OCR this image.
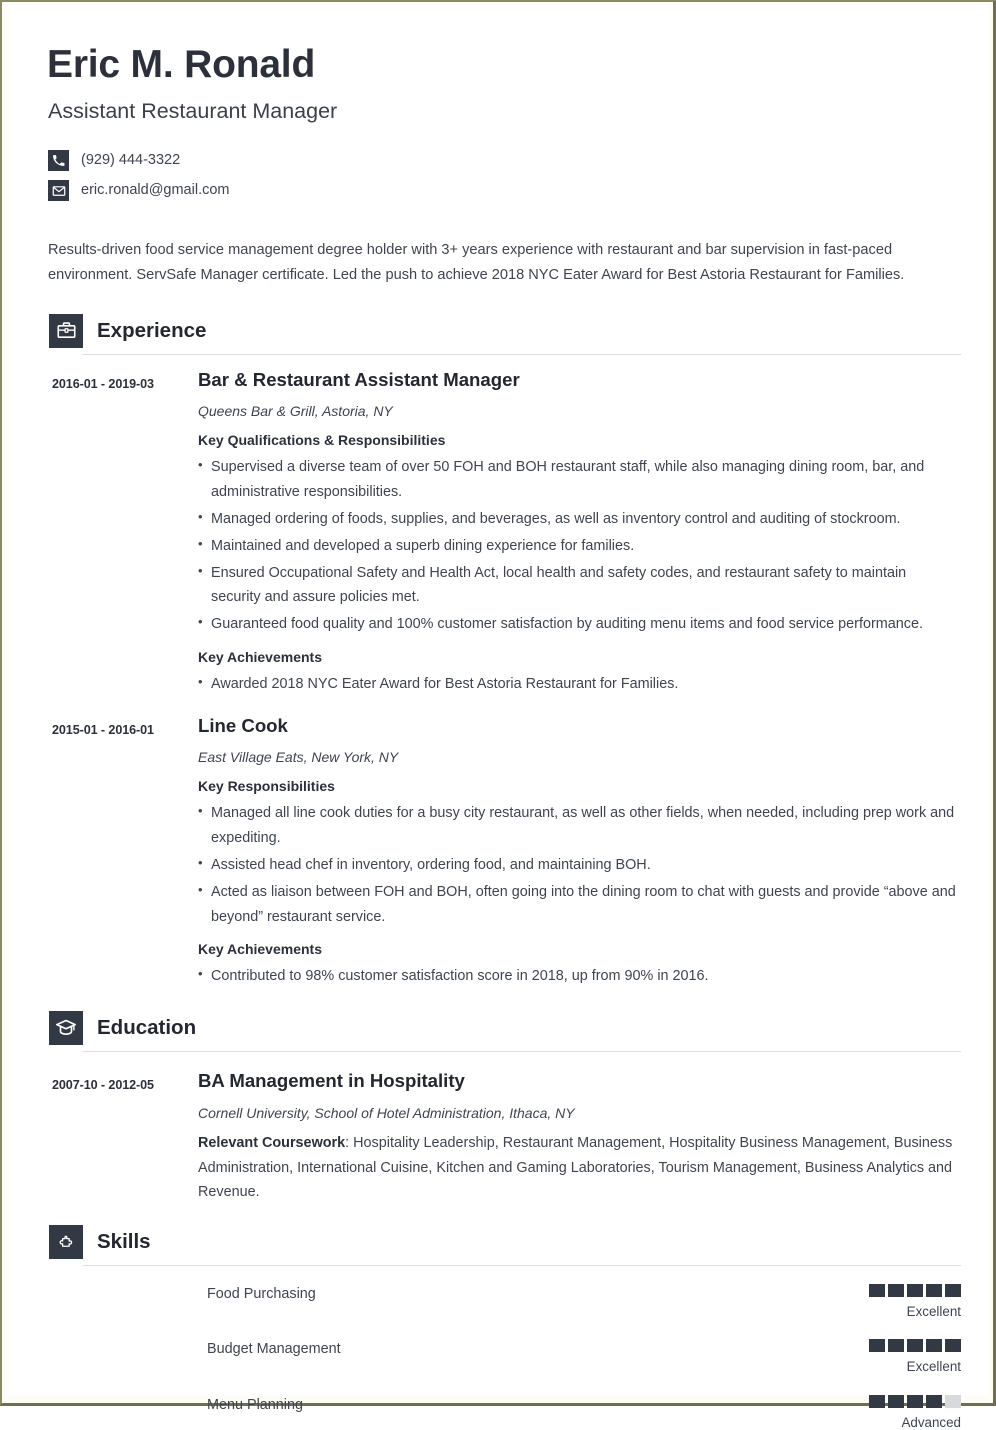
Eric M. Ronald
Assistant Restaurant Manager
(929) 444-3322
eric.ronald@gmail.com

Results-driven food service management degree holder with 3+ years experience with restaurant and bar supervision in fast-paced environment. ServSafe Manager certificate. Led the push to achieve 2018 NYC Eater Award for Best Astoria Restaurant for Families.

Experience
2016-01 - 2019-03	Bar & Restaurant Assistant Manager
Queens Bar & Grill, Astoria, NY
Key Qualifications & Responsibilities
• Supervised a diverse team of over 50 FOH and BOH restaurant staff, while also managing dining room, bar, and administrative responsibilities.
• Managed ordering of foods, supplies, and beverages, as well as inventory control and auditing of stockroom.
• Maintained and developed a superb dining experience for families.
• Ensured Occupational Safety and Health Act, local health and safety codes, and restaurant safety to maintain security and assure policies met.
• Guaranteed food quality and 100% customer satisfaction by auditing menu items and food service performance.
Key Achievements
• Awarded 2018 NYC Eater Award for Best Astoria Restaurant for Families.
2015-01 - 2016-01	Line Cook
East Village Eats, New York, NY
Key Responsibilities
• Managed all line cook duties for a busy city restaurant, as well as other fields, when needed, including prep work and expediting.
• Assisted head chef in inventory, ordering food, and maintaining BOH.
• Acted as liaison between FOH and BOH, often going into the dining room to chat with guests and provide “above and beyond” restaurant service.
Key Achievements
• Contributed to 98% customer satisfaction score in 2018, up from 90% in 2016.
Education
2007-10 - 2012-05	BA Management in Hospitality
Cornell University, School of Hotel Administration, Ithaca, NY
Relevant Coursework: Hospitality Leadership, Restaurant Management, Hospitality Business Management, Business Administration, International Cuisine, Kitchen and Gaming Laboratories, Tourism Management, Business Analytics and Revenue.
Skills
Food Purchasing
Excellent
Budget Management
Excellent
Menu Planning
Advanced
